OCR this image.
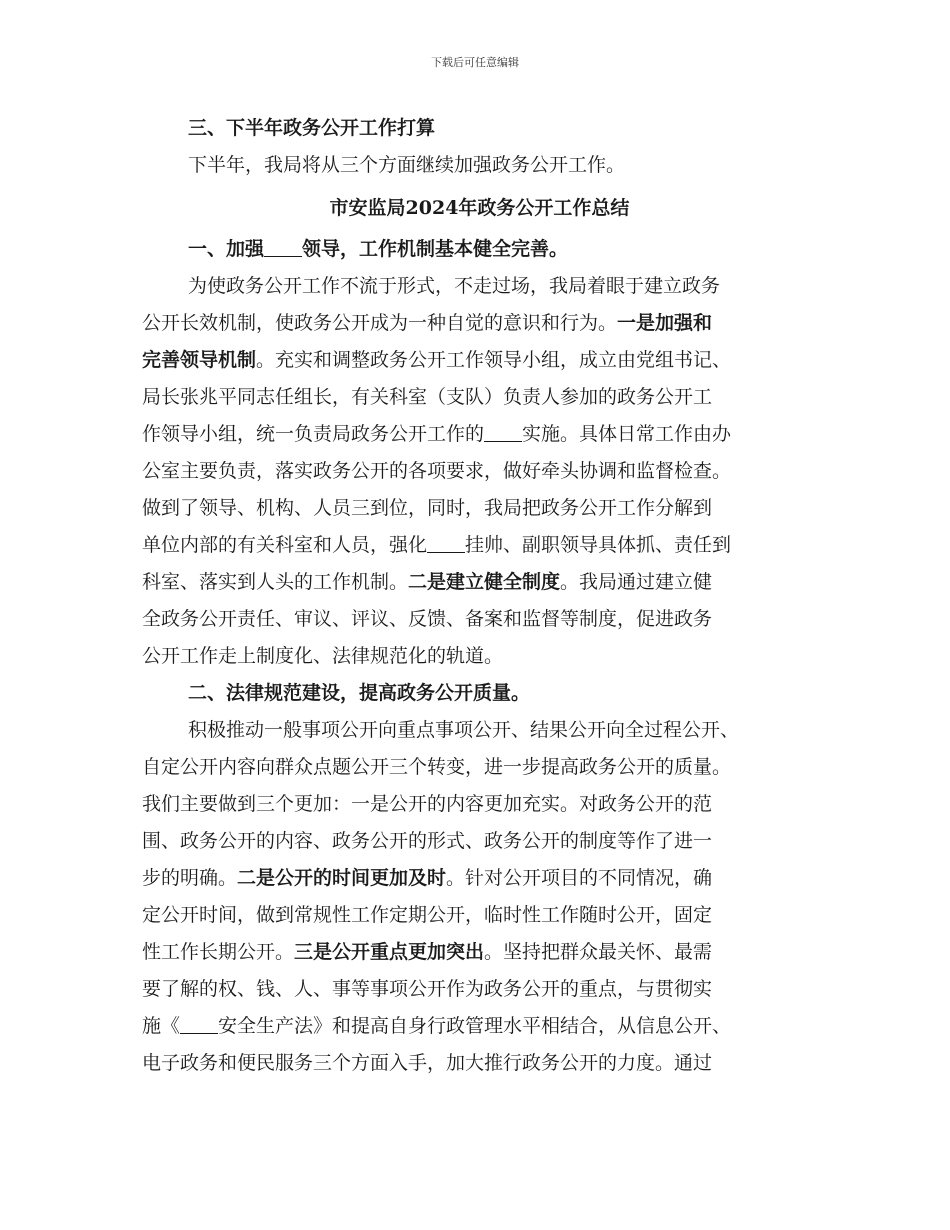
下载后可任意编辑
三、下半年政务公开工作打算
下半年，我局将从三个方面继续加强政务公开工作。
市安监局2024年政务公开工作总结
一、加强 领导，工作机制基本健全完善。
为使政务公开工作不流于形式，不走过场，我局着眼于建立政务
公开长效机制，使政务公开成为一种自觉的意识和行为。一是加强和
完善领导机制。充实和调整政务公开工作领导小组，成立由党组书记、
局长张兆平同志任组长，有关科室（支队）负责人参加的政务公开工
作领导小组，统一负责局政务公开工作的 实施。具体日常工作由办
公室主要负责，落实政务公开的各项要求，做好牵头协调和监督检查。
做到了领导、机构、人员三到位，同时，我局把政务公开工作分解到
单位内部的有关科室和人员，强化 挂帅、副职领导具体抓、责任到
科室、落实到人头的工作机制。二是建立健全制度。我局通过建立健
全政务公开责任、审议、评议、反馈、备案和监督等制度，促进政务
公开工作走上制度化、法律规范化的轨道。
二、法律规范建设，提高政务公开质量。
积极推动一般事项公开向重点事项公开、结果公开向全过程公开、
自定公开内容向群众点题公开三个转变，进一步提高政务公开的质量。
我们主要做到三个更加：一是公开的内容更加充实。对政务公开的范
围、政务公开的内容、政务公开的形式、政务公开的制度等作了进一
步的明确。二是公开的时间更加及时。针对公开项目的不同情况，确
定公开时间，做到常规性工作定期公开，临时性工作随时公开，固定
性工作长期公开。三是公开重点更加突出。坚持把群众最关怀、最需
要了解的权、钱、人、事等事项公开作为政务公开的重点，与贯彻实
施《 安全生产法》和提高自身行政管理水平相结合，从信息公开、
电子政务和便民服务三个方面入手，加大推行政务公开的力度。通过
